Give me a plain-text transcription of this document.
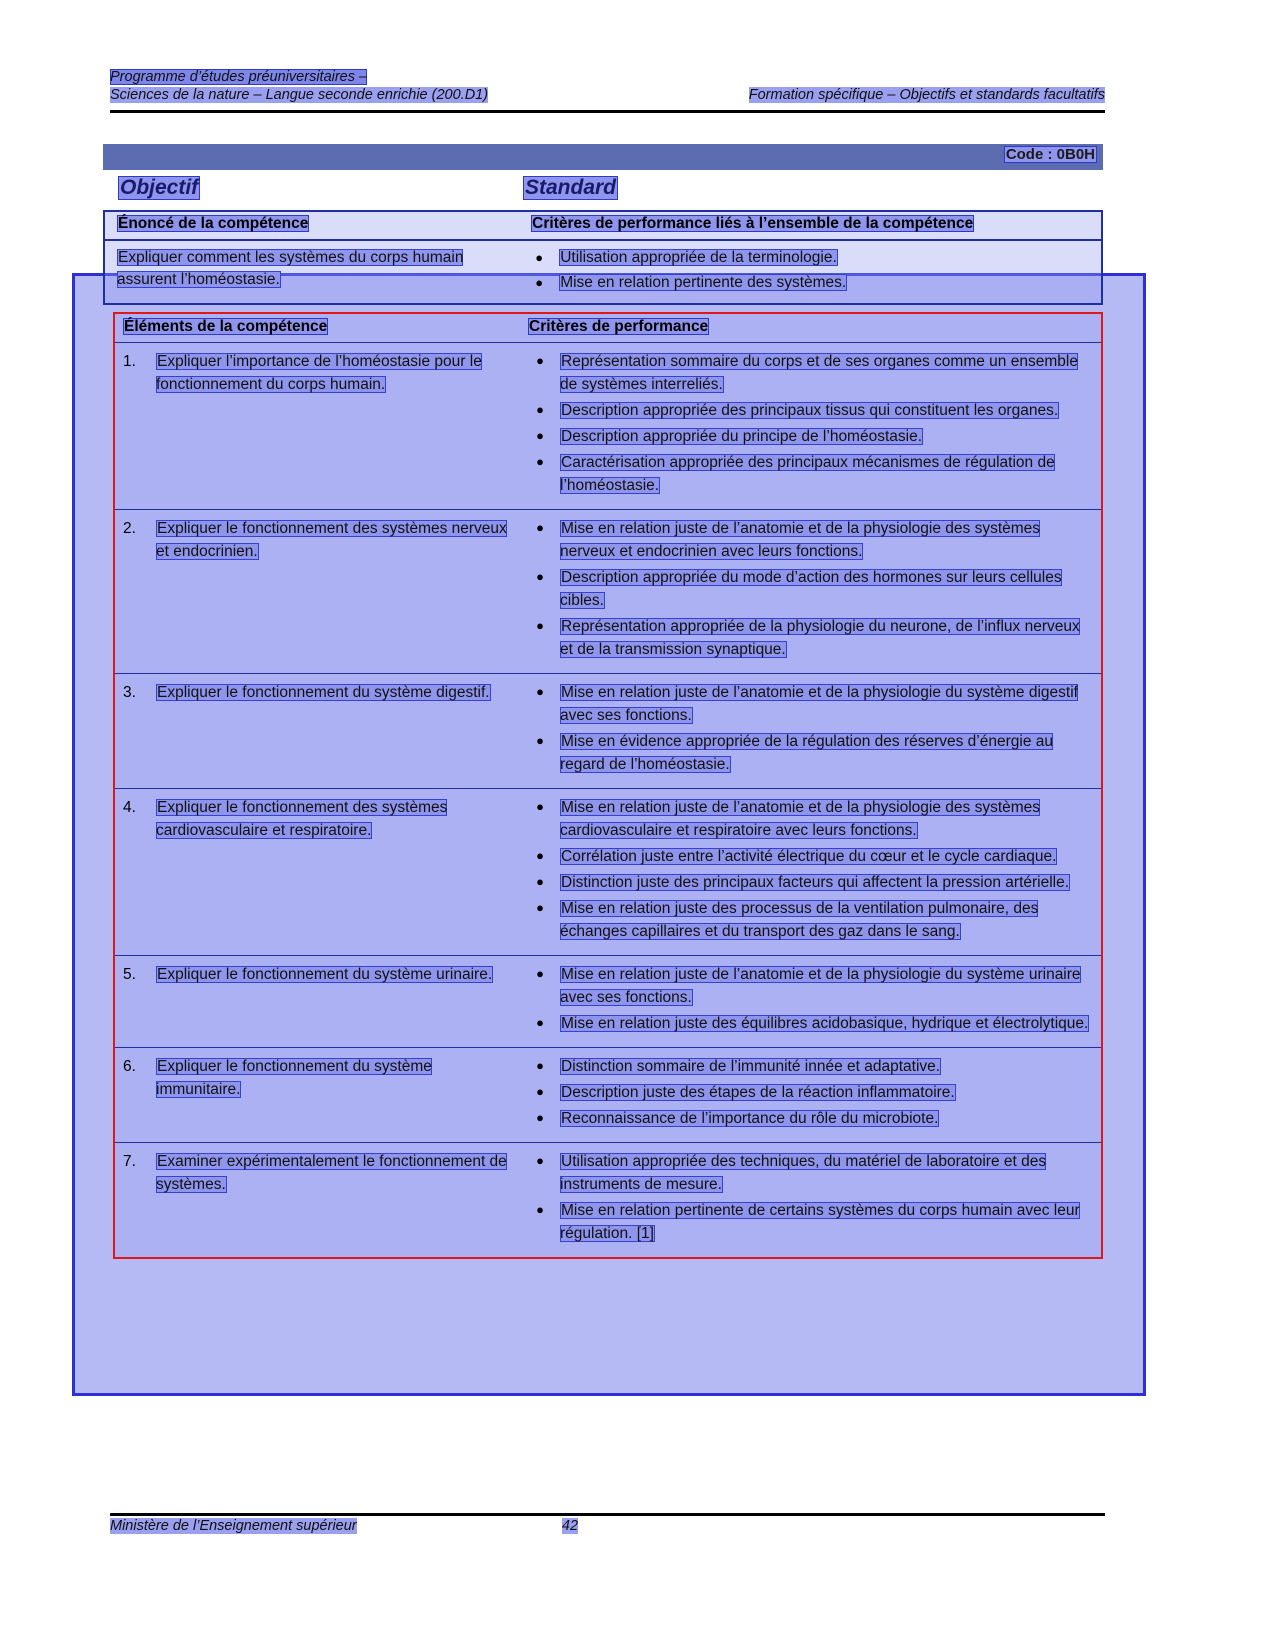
Programme d’études préuniversitaires –
Sciences de la nature – Langue seconde enrichie (200.D1)	Formation spécifique – Objectifs et standards facultatifs
Code : 0B0H
Objectif	Standard
Énoncé de la compétence	Critères de performance liés à l’ensemble de la compétence
Expliquer comment les systèmes du corps humain assurent l’homéostasie.
●	Utilisation appropriée de la terminologie.
●	Mise en relation pertinente des systèmes.
Éléments de la compétence	Critères de performance
1.	Expliquer l’importance de l’homéostasie pour le fonctionnement du corps humain.
●	Représentation sommaire du corps et de ses organes comme un ensemble de systèmes interreliés.
●	Description appropriée des principaux tissus qui constituent les organes.
●	Description appropriée du principe de l’homéostasie.
●	Caractérisation appropriée des principaux mécanismes de régulation de l’homéostasie.
2.	Expliquer le fonctionnement des systèmes nerveux et endocrinien.
●	Mise en relation juste de l’anatomie et de la physiologie des systèmes nerveux et endocrinien avec leurs fonctions.
●	Description appropriée du mode d’action des hormones sur leurs cellules cibles.
●	Représentation appropriée de la physiologie du neurone, de l’influx nerveux et de la transmission synaptique.
3.	Expliquer le fonctionnement du système digestif.	●	Mise en relation juste de l’anatomie et de la physiologie du système digestif avec ses fonctions.
●	Mise en évidence appropriée de la régulation des réserves d’énergie au regard de l’homéostasie.
4.	Expliquer le fonctionnement des systèmes cardiovasculaire et respiratoire.
●	Mise en relation juste de l’anatomie et de la physiologie des systèmes cardiovasculaire et respiratoire avec leurs fonctions.
●	Corrélation juste entre l’activité électrique du cœur et le cycle cardiaque.
●	Distinction juste des principaux facteurs qui affectent la pression artérielle.
●	Mise en relation juste des processus de la ventilation pulmonaire, des échanges capillaires et du transport des gaz dans le sang.
5.	Expliquer le fonctionnement du système urinaire.	●	Mise en relation juste de l’anatomie et de la physiologie du système urinaire avec ses fonctions.
●	Mise en relation juste des équilibres acidobasique, hydrique et électrolytique.
6.	Expliquer le fonctionnement du système immunitaire.
●	Distinction sommaire de l’immunité innée et adaptative.
●	Description juste des étapes de la réaction inflammatoire.
●	Reconnaissance de l’importance du rôle du microbiote.
7.	Examiner expérimentalement le fonctionnement de systèmes.
●	Utilisation appropriée des techniques, du matériel de laboratoire et des instruments de mesure.
●	Mise en relation pertinente de certains systèmes du corps humain avec leur régulation. [1]
Ministère de l’Enseignement supérieur	42
